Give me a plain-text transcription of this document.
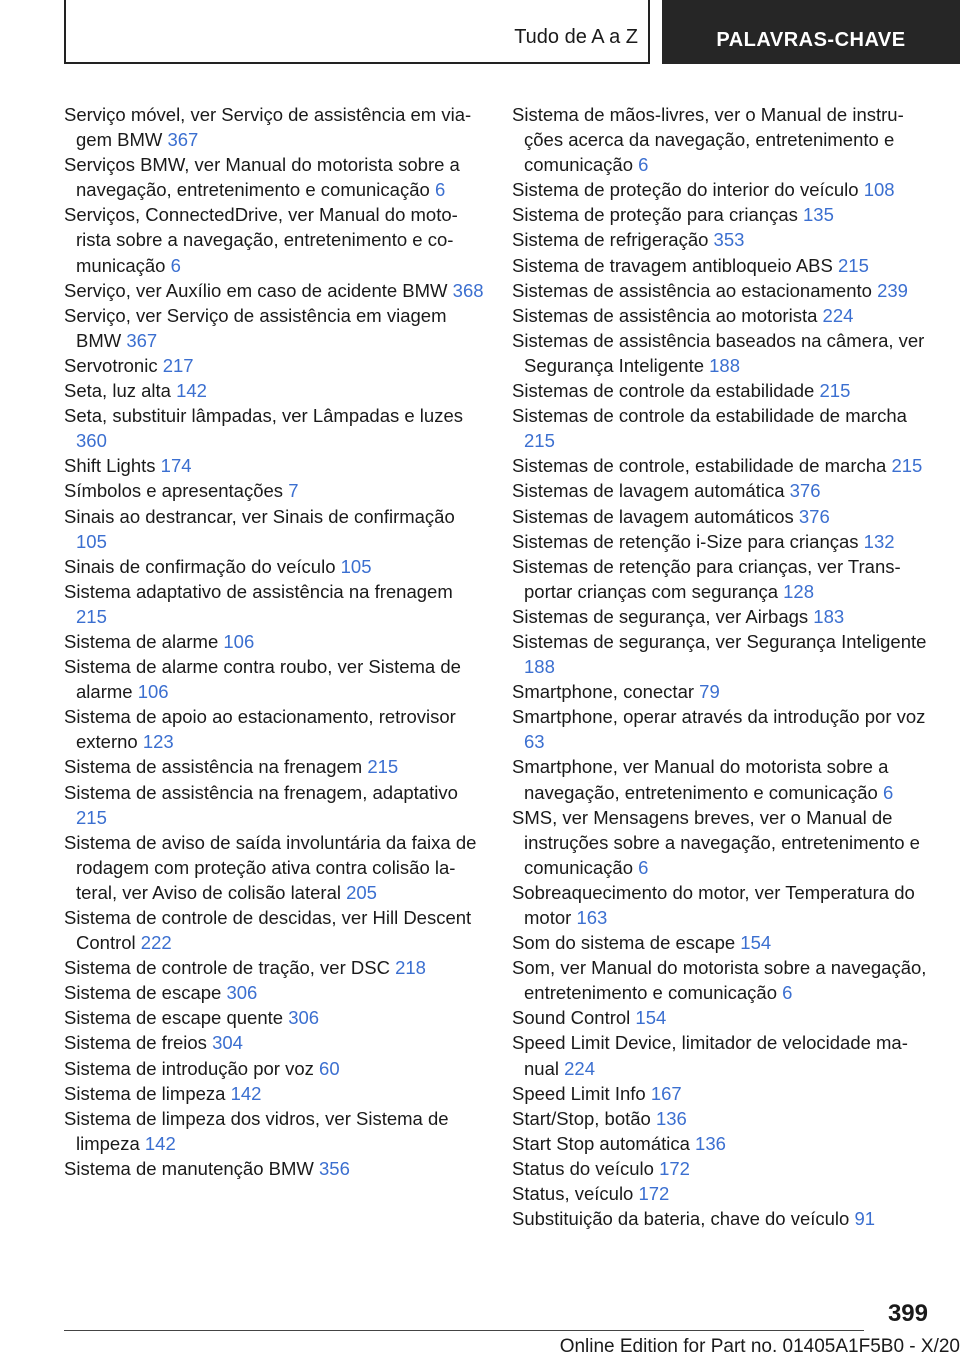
Tudo de A a Z	PALAVRAS-CHAVE

Serviço móvel, ver Serviço de assistência em viagem BMW 367

Serviços BMW, ver Manual do motorista sobre a navegação, entretenimento e comunicação 6

Serviços, ConnectedDrive, ver Manual do motorista sobre a navegação, entretenimento e comunicação 6

Serviço, ver Auxílio em caso de acidente BMW 368

Serviço, ver Serviço de assistência em viagem BMW 367

Servotronic 217

Seta, luz alta 142

Seta, substituir lâmpadas, ver Lâmpadas e luzes 360

Shift Lights 174

Símbolos e apresentações 7

Sinais ao destrancar, ver Sinais de confirmação 105

Sinais de confirmação do veículo 105

Sistema adaptativo de assistência na frenagem 215

Sistema de alarme 106

Sistema de alarme contra roubo, ver Sistema de alarme 106

Sistema de apoio ao estacionamento, retrovisor externo 123

Sistema de assistência na frenagem 215

Sistema de assistência na frenagem, adaptativo 215

Sistema de aviso de saída involuntária da faixa de rodagem com proteção ativa contra colisão lateral, ver Aviso de colisão lateral 205

Sistema de controle de descidas, ver Hill Descent Control 222

Sistema de controle de tração, ver DSC 218

Sistema de escape 306

Sistema de escape quente 306

Sistema de freios 304

Sistema de introdução por voz 60

Sistema de limpeza 142

Sistema de limpeza dos vidros, ver Sistema de limpeza 142

Sistema de manutenção BMW 356

Sistema de mãos-livres, ver o Manual de instruções acerca da navegação, entretenimento e comunicação 6

Sistema de proteção do interior do veículo 108

Sistema de proteção para crianças 135

Sistema de refrigeração 353

Sistema de travagem antibloqueio ABS 215

Sistemas de assistência ao estacionamento 239

Sistemas de assistência ao motorista 224

Sistemas de assistência baseados na câmera, ver Segurança Inteligente 188

Sistemas de controle da estabilidade 215

Sistemas de controle da estabilidade de marcha 215

Sistemas de controle, estabilidade de marcha 215

Sistemas de lavagem automática 376

Sistemas de lavagem automáticos 376

Sistemas de retenção i-Size para crianças 132

Sistemas de retenção para crianças, ver Transportar crianças com segurança 128

Sistemas de segurança, ver Airbags 183

Sistemas de segurança, ver Segurança Inteligente 188

Smartphone, conectar 79

Smartphone, operar através da introdução por voz 63

Smartphone, ver Manual do motorista sobre a navegação, entretenimento e comunicação 6

SMS, ver Mensagens breves, ver o Manual de instruções sobre a navegação, entretenimento e comunicação 6

Sobreaquecimento do motor, ver Temperatura do motor 163

Som do sistema de escape 154

Som, ver Manual do motorista sobre a navegação, entretenimento e comunicação 6

Sound Control 154

Speed Limit Device, limitador de velocidade manual 224

Speed Limit Info 167

Start/Stop, botão 136

Start Stop automática 136

Status do veículo 172

Status, veículo 172

Substituição da bateria, chave do veículo 91

399
Online Edition for Part no. 01405A1F5B0 - X/20
